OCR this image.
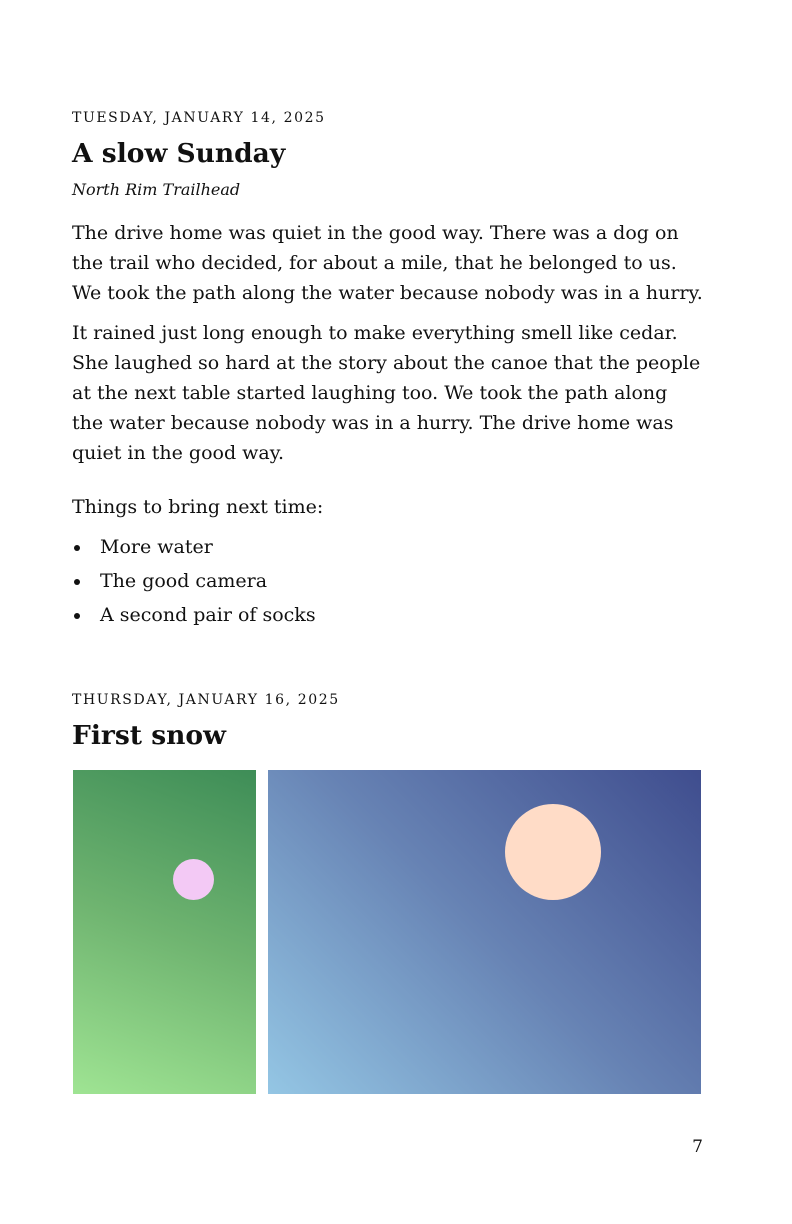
TUESDAY, JANUARY 14, 2025
A slow Sunday
North Rim Trailhead

The drive home was quiet in the good way. There was a dog on the trail who decided, for about a mile, that he belonged to us. We took the path along the water because nobody was in a hurry.

It rained just long enough to make everything smell like cedar. She laughed so hard at the story about the canoe that the people at the next table started laughing too. We took the path along the water because nobody was in a hurry. The drive home was quiet in the good way.

Things to bring next time:
More water
The good camera
A second pair of socks
THURSDAY, JANUARY 16, 2025
First snow
7
